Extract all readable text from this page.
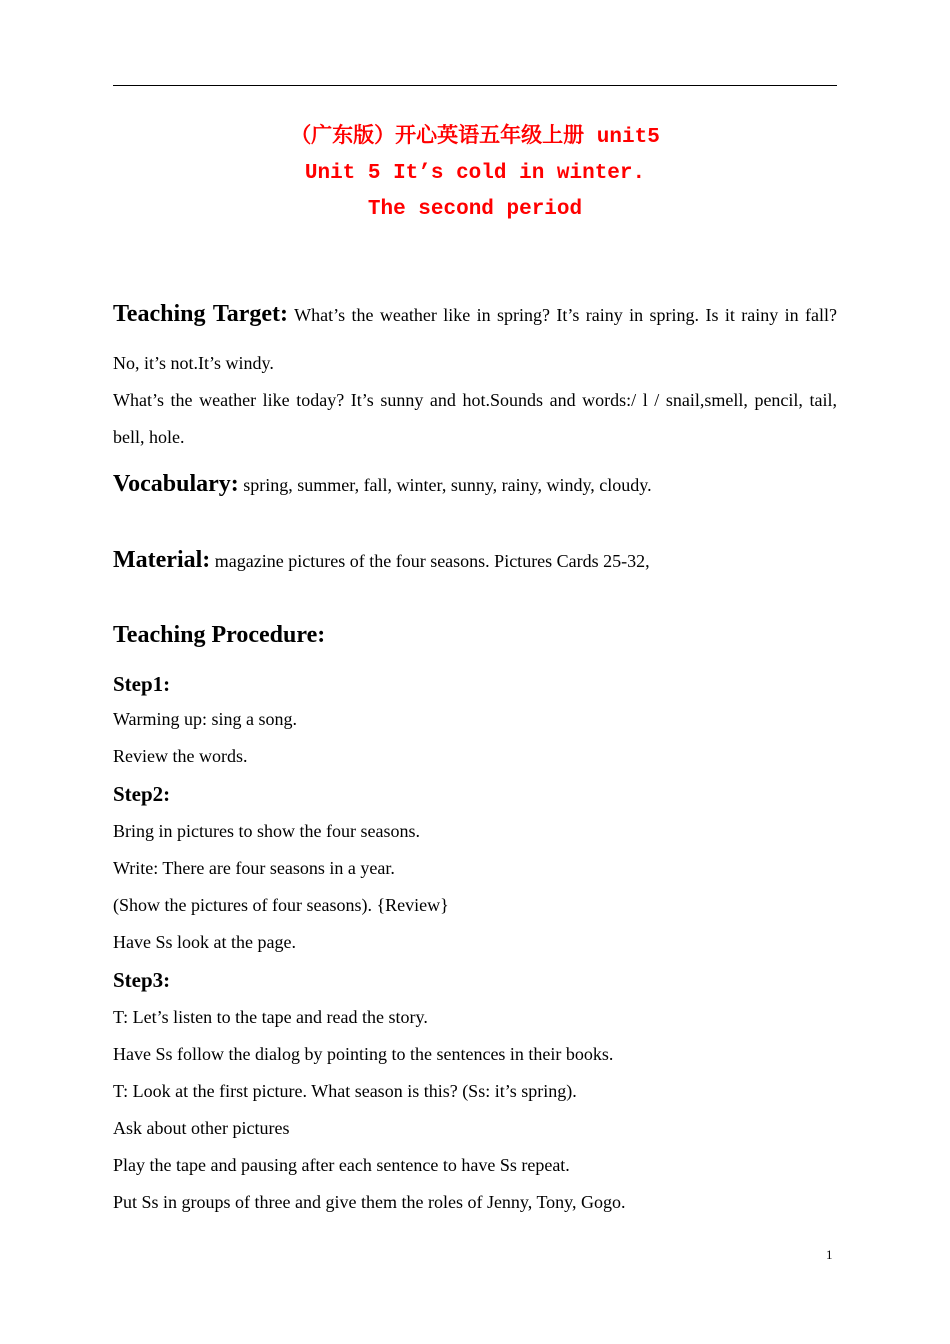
（广东版）开心英语五年级上册 unit5
Unit 5 It’s cold in winter.
The second period
Teaching Target: What’s the weather like in spring? It’s rainy in spring. Is it rainy in fall? No, it’s not.It’s windy.
What’s the weather like today? It’s sunny and hot.Sounds and words:/ l / snail,smell, pencil, tail, bell, hole.
Vocabulary: spring, summer, fall, winter, sunny, rainy, windy, cloudy.
Material: magazine pictures of the four seasons. Pictures Cards 25-32,
Teaching Procedure:
Step1:
Warming up: sing a song.
Review the words.
Step2:
Bring in pictures to show the four seasons.
Write: There are four seasons in a year.
(Show the pictures of four seasons). {Review}
Have Ss look at the page.
Step3:
T: Let’s listen to the tape and read the story.
Have Ss follow the dialog by pointing to the sentences in their books.
T: Look at the first picture. What season is this? (Ss: it’s spring).
Ask about other pictures
Play the tape and pausing after each sentence to have Ss repeat.
Put Ss in groups of three and give them the roles of Jenny, Tony, Gogo.
1
